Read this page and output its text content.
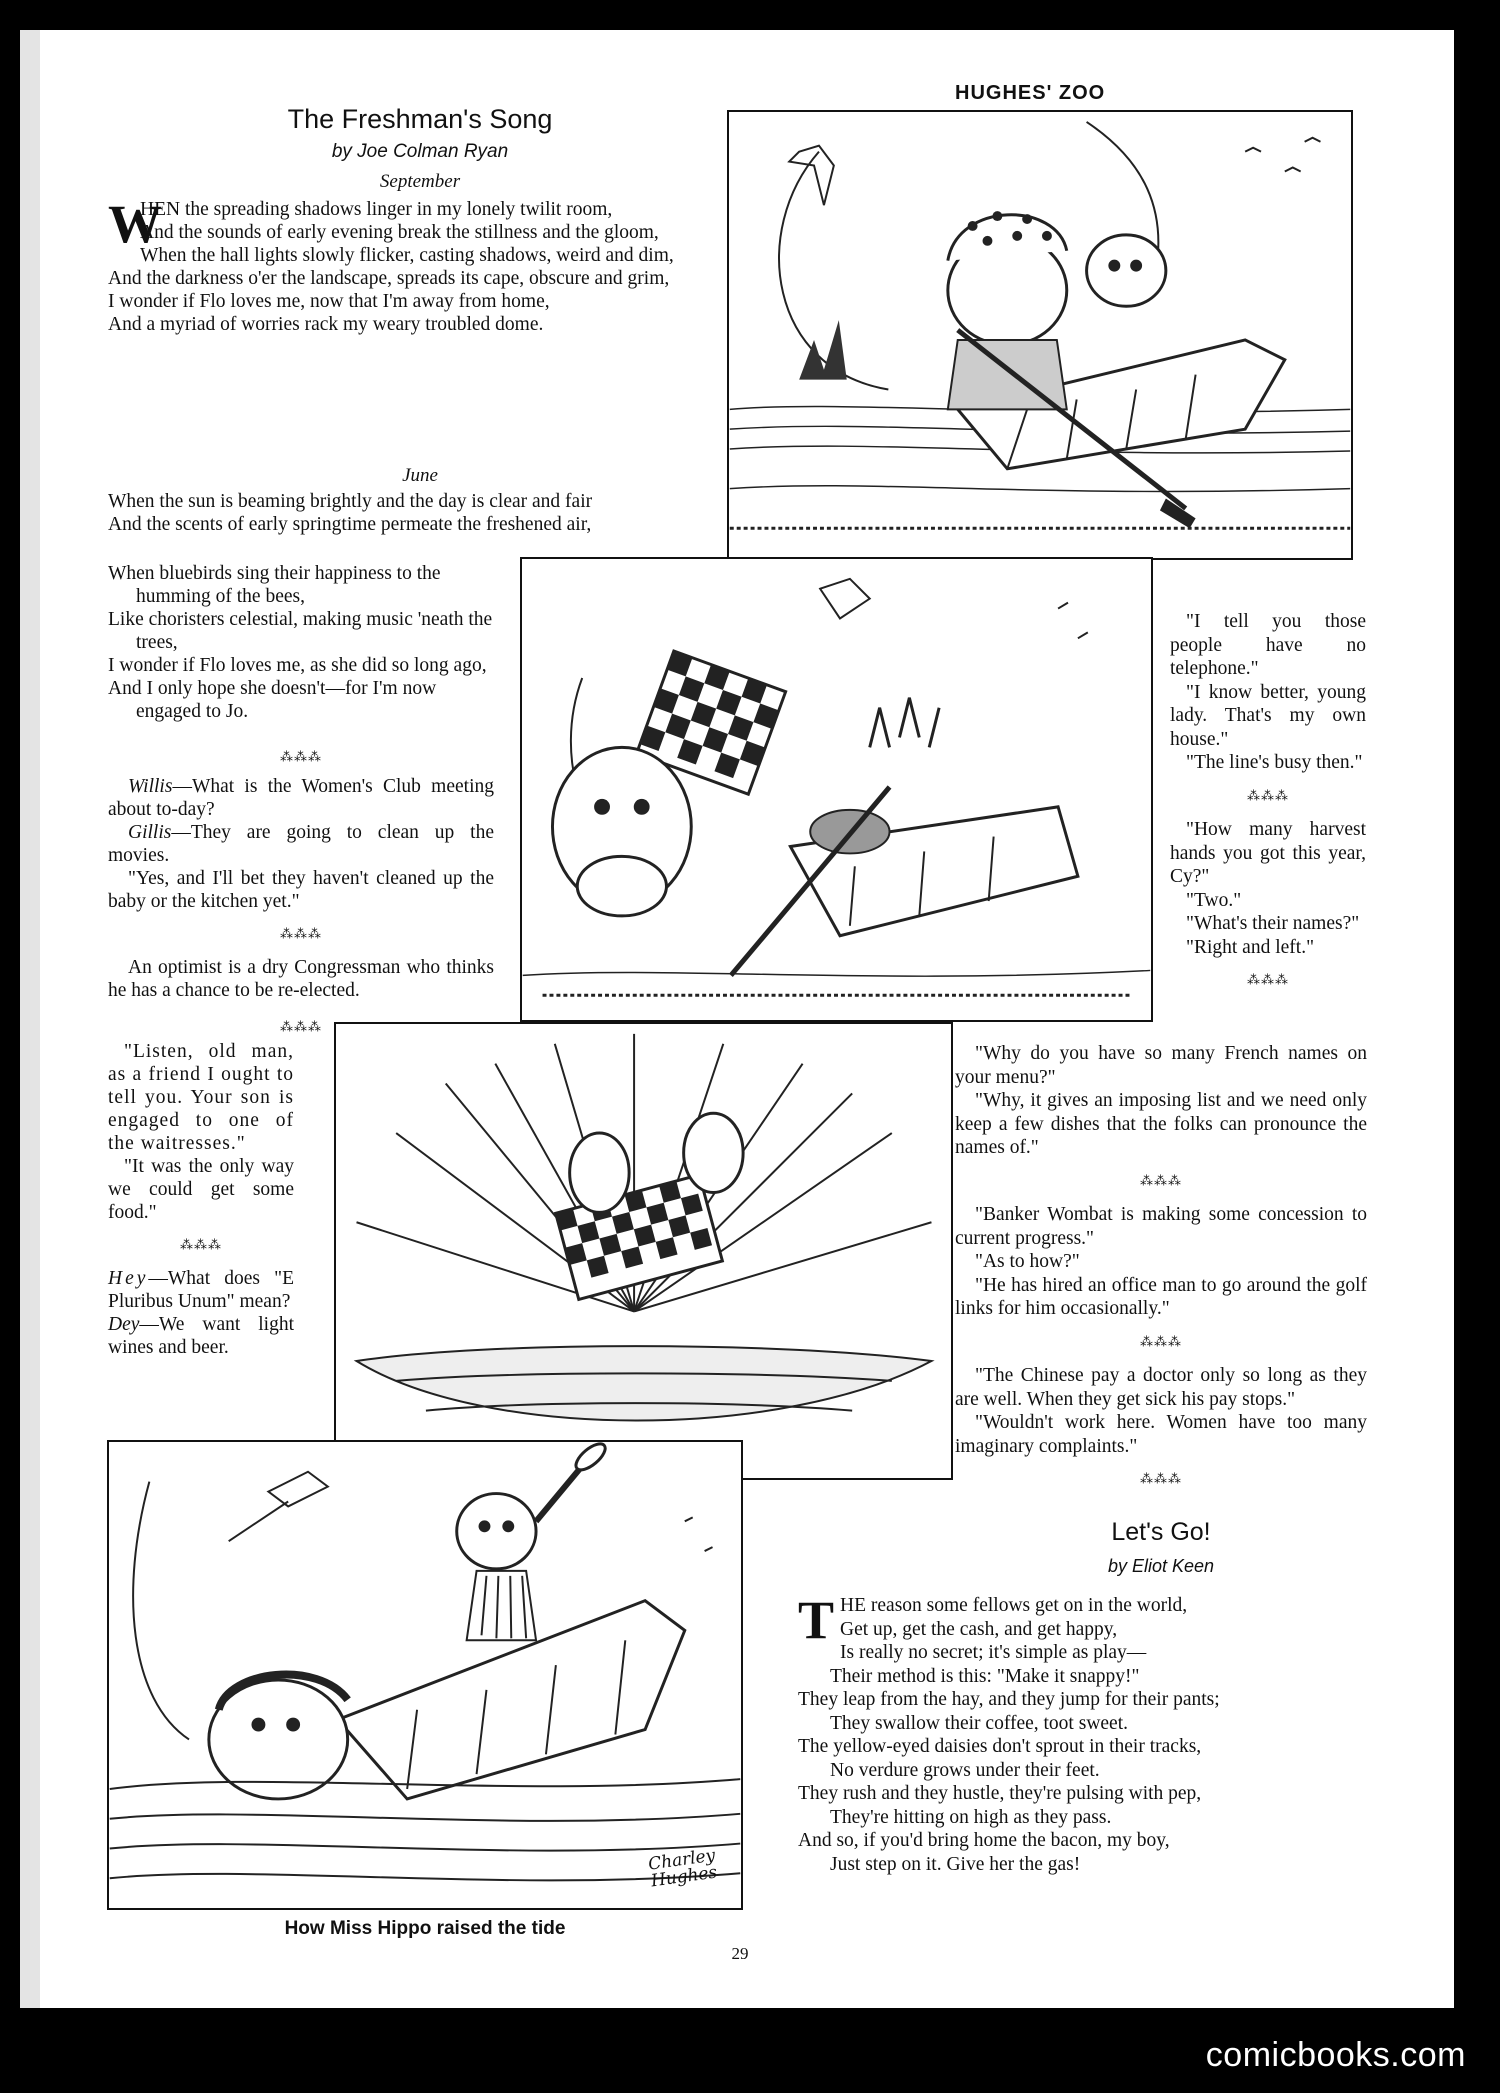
HUGHES' ZOO
The Freshman's Song
by Joe Colman Ryan
September
W

HEN the spreading shadows linger in my lonely twilit room,

And the sounds of early evening break the stillness and the gloom,

When the hall lights slowly flicker, casting shadows, weird and dim,

And the darkness o'er the landscape, spreads its cape, obscure and grim,

I wonder if Flo loves me, now that I'm away from home,

And a myriad of worries rack my weary troubled dome.

June

When the sun is beaming brightly and the day is clear and fair

And the scents of early springtime permeate the freshened air,

When bluebirds sing their happiness to the humming of the bees,

Like choristers celestial, making music 'neath the trees,

I wonder if Flo loves me, as she did so long ago,

And I only hope she doesn't—for I'm now engaged to Jo.

⁂⁂⁂

Willis—What is the Women's Club meeting about to-day?

Gillis—They are going to clean up the movies.

"Yes, and I'll bet they haven't cleaned up the baby or the kitchen yet."

⁂⁂⁂

An optimist is a dry Congressman who thinks he has a chance to be re-elected.

⁂⁂⁂

"Listen, old man, as a friend I ought to tell you. Your son is engaged to one of the waitresses."

"It was the only way we could get some food."

⁂⁂⁂

Hey—What does "E Pluribus Unum" mean?

Dey—We want light wines and beer.

"I tell you those people have no telephone."

"I know better, young lady. That's my own house."

"The line's busy then."

⁂⁂⁂

"How many harvest hands you got this year, Cy?"

"Two."

"What's their names?"

"Right and left."

⁂⁂⁂

"Why do you have so many French names on your menu?"

"Why, it gives an imposing list and we need only keep a few dishes that the folks can pronounce the names of."

⁂⁂⁂

"Banker Wombat is making some concession to current progress."

"As to how?"

"He has hired an office man to go around the golf links for him occasionally."

⁂⁂⁂

"The Chinese pay a doctor only so long as they are well. When they get sick his pay stops."

"Wouldn't work here. Women have too many imaginary complaints."

⁂⁂⁂
Let's Go!
by Eliot Keen
T HE reason some fellows get on in the world,

Get up, get the cash, and get happy,

Is really no secret; it's simple as play—

Their method is this: "Make it snappy!"

They leap from the hay, and they jump for their pants;

They swallow their coffee, toot sweet.

The yellow-eyed daisies don't sprout in their tracks,

No verdure grows under their feet.

They rush and they hustle, they're pulsing with pep,

They're hitting on high as they pass.

And so, if you'd bring home the bacon, my boy,

Just step on it. Give her the gas!

Charley Hughes
How Miss Hippo raised the tide
29
comicbooks.com
